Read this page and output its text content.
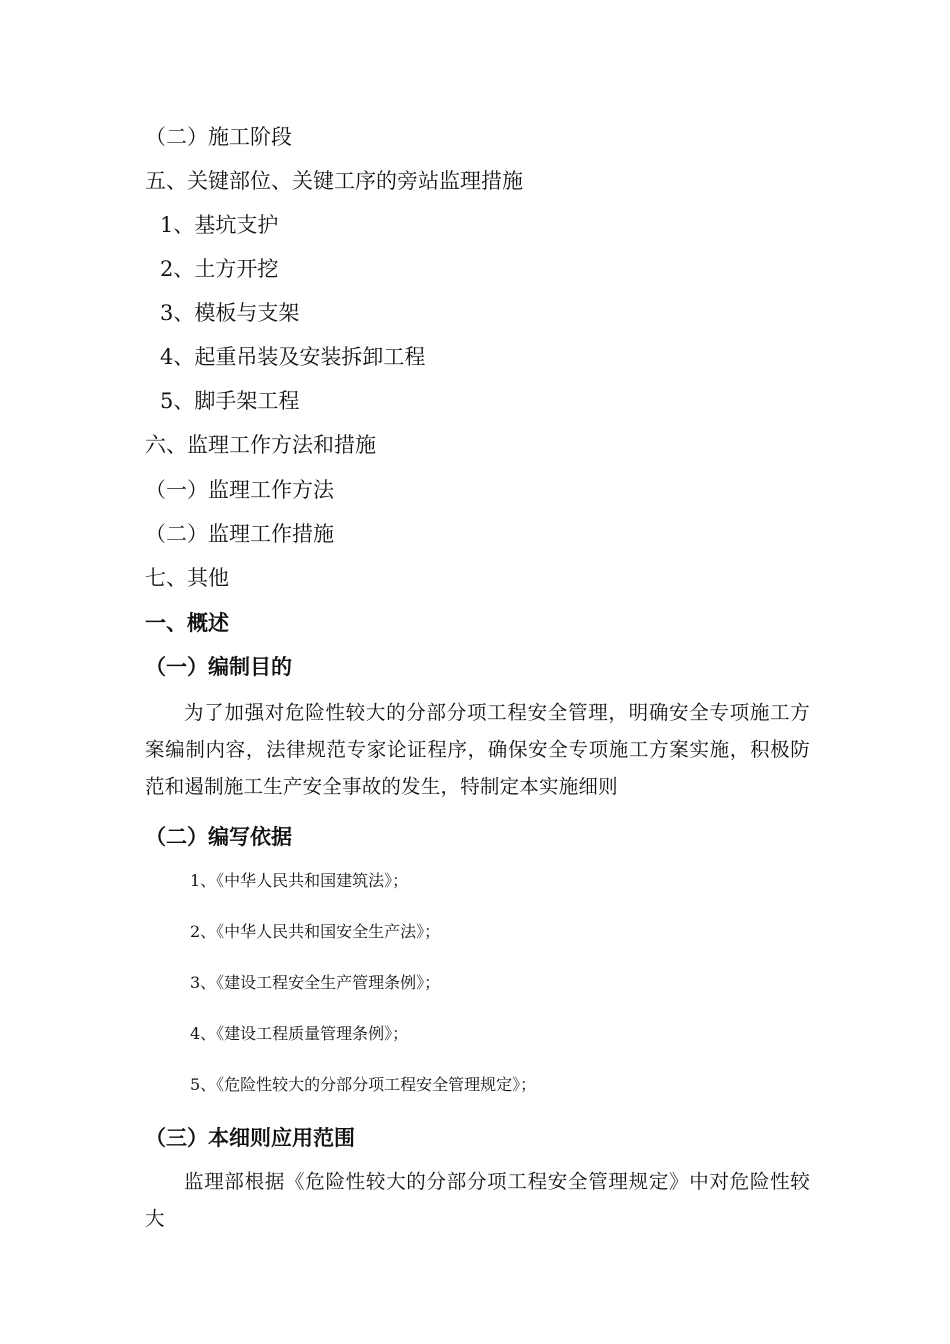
（二）施工阶段
五、关键部位、关键工序的旁站监理措施
1、基坑支护
2、土方开挖
3、模板与支架
4、起重吊装及安装拆卸工程
5、脚手架工程
六、监理工作方法和措施
（一）监理工作方法
（二）监理工作措施
七、其他
一、概述
（一）编制目的
为了加强对危险性较大的分部分项工程安全管理，明确安全专项施工方案编制内容，法律规范专家论证程序，确保安全专项施工方案实施，积极防范和遏制施工生产安全事故的发生，特制定本实施细则......
（二）编写依据
1、《中华人民共和国建筑法》；
2、《中华人民共和国安全生产法》；
3、《建设工程安全生产管理条例》；
4、《建设工程质量管理条例》；
5、《危险性较大的分部分项工程安全管理规定》；
（三）本细则应用范围
监理部根据《危险性较大的分部分项工程安全管理规定》中对危险性较大
